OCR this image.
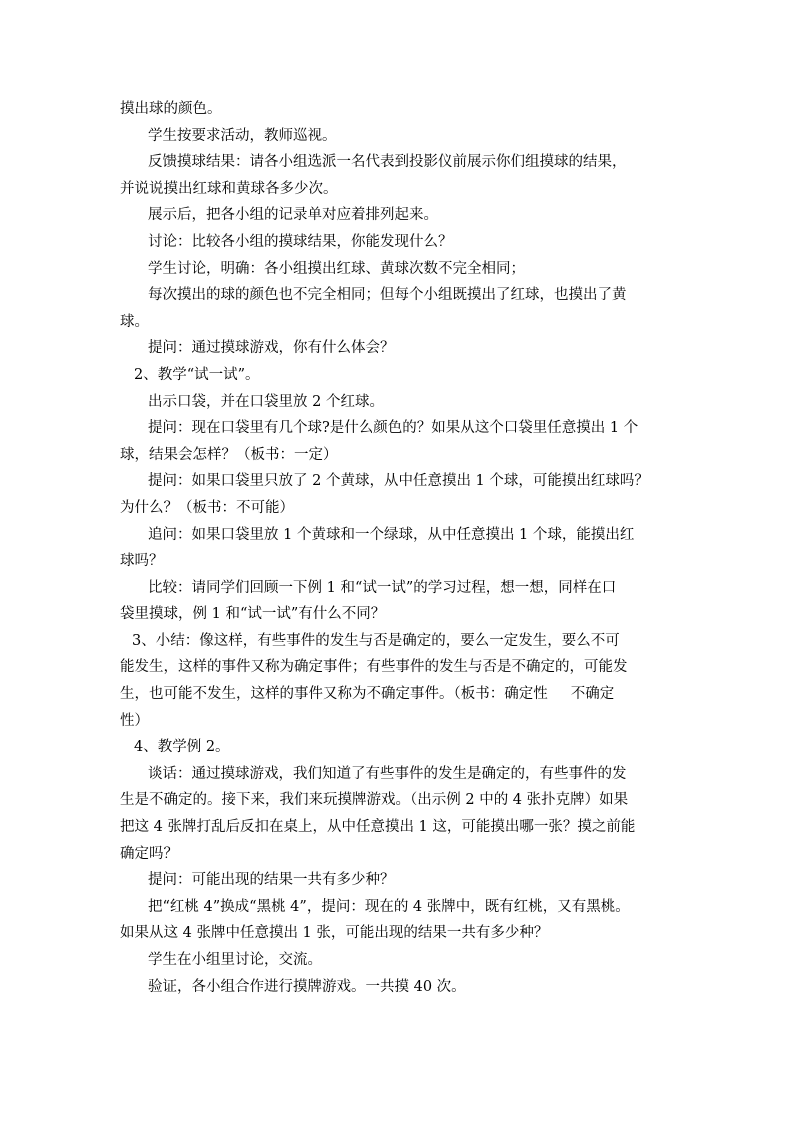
摸出球的颜色。
学生按要求活动，教师巡视。
反馈摸球结果：请各小组选派一名代表到投影仪前展示你们组摸球的结果，
并说说摸出红球和黄球各多少次。
展示后，把各小组的记录单对应着排列起来。
讨论：比较各小组的摸球结果，你能发现什么？
学生讨论，明确：各小组摸出红球、黄球次数不完全相同；
每次摸出的球的颜色也不完全相同；但每个小组既摸出了红球，也摸出了黄
球。
提问：通过摸球游戏，你有什么体会？
2、教学“试一试”。
出示口袋，并在口袋里放 2 个红球。
提问：现在口袋里有几个球?是什么颜色的？如果从这个口袋里任意摸出 1 个
球，结果会怎样？（板书：一定）
提问：如果口袋里只放了 2 个黄球，从中任意摸出 1 个球，可能摸出红球吗？
为什么？（板书：不可能）
追问：如果口袋里放 1 个黄球和一个绿球，从中任意摸出 1 个球，能摸出红
球吗？
比较：请同学们回顾一下例 1 和“试一试”的学习过程，想一想，同样在口
袋里摸球，例 1 和“试一试”有什么不同？
3、小结：像这样，有些事件的发生与否是确定的，要么一定发生，要么不可
能发生，这样的事件又称为确定事件；有些事件的发生与否是不确定的，可能发
生，也可能不发生，这样的事件又称为不确定事件。（板书：确定性     不确定
性）
4、教学例 2。
谈话：通过摸球游戏，我们知道了有些事件的发生是确定的，有些事件的发
生是不确定的。接下来，我们来玩摸牌游戏。（出示例 2 中的 4 张扑克牌）如果
把这 4 张牌打乱后反扣在桌上，从中任意摸出 1 这，可能摸出哪一张？摸之前能
确定吗？
提问：可能出现的结果一共有多少种？
把“红桃 4”换成“黑桃 4”，提问：现在的 4 张牌中，既有红桃，又有黑桃。
如果从这 4 张牌中任意摸出 1 张，可能出现的结果一共有多少种？
学生在小组里讨论，交流。
验证，各小组合作进行摸牌游戏。一共摸 40 次。
